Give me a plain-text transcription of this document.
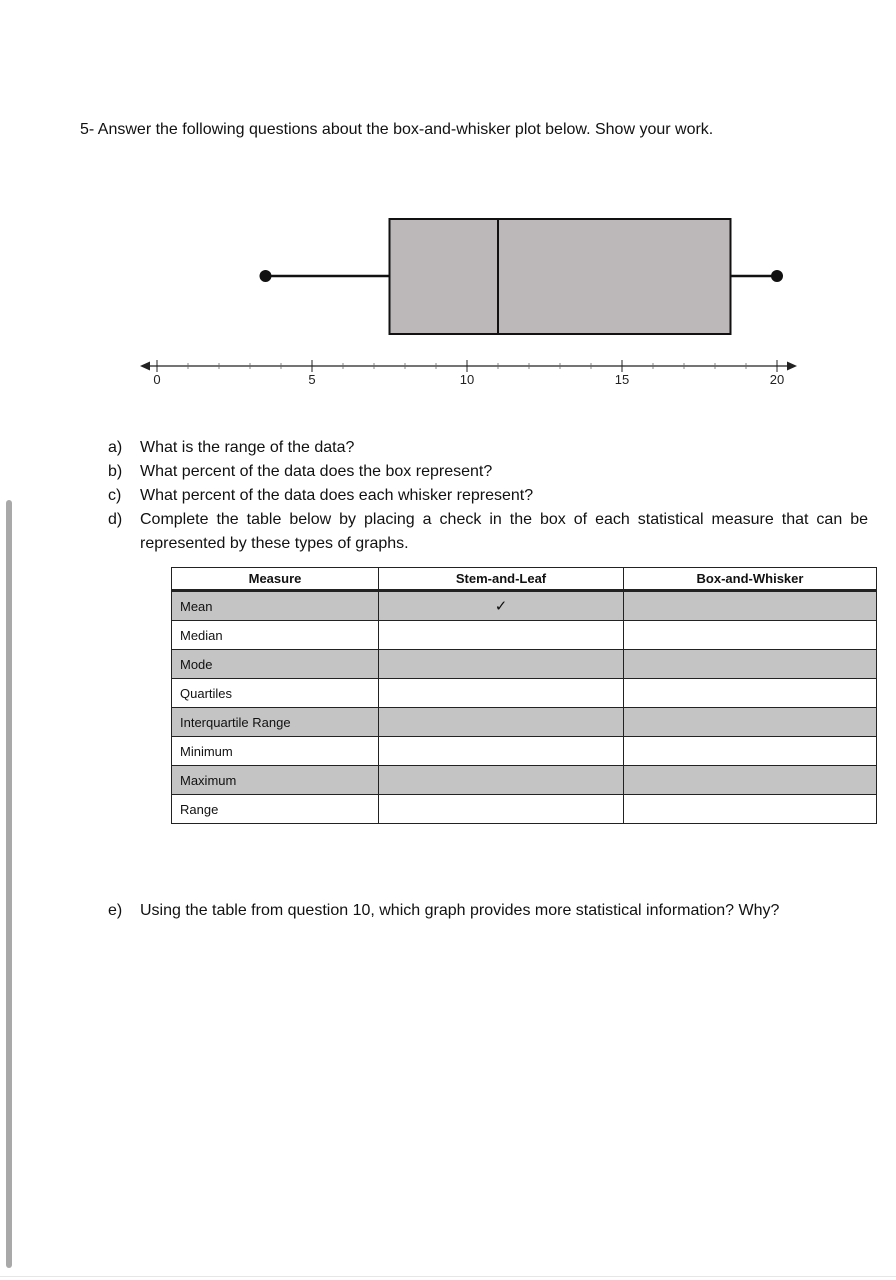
5- Answer the following questions about the box-and-whisker plot below. Show your work.
0	5	10	15	20
a)	What is the range of the data?
b)	What percent of the data does the box represent?
c)	What percent of the data does each whisker represent?
d)	Complete the table below by placing a check in the box of each statistical measure that can be represented by these types of graphs.
Measure	Stem-and-Leaf	Box-and-Whisker
Mean	✓	
Median		
Mode		
Quartiles		
Interquartile Range		
Minimum		
Maximum		
Range		
e)	Using the table from question 10, which graph provides more statistical information? Why?
